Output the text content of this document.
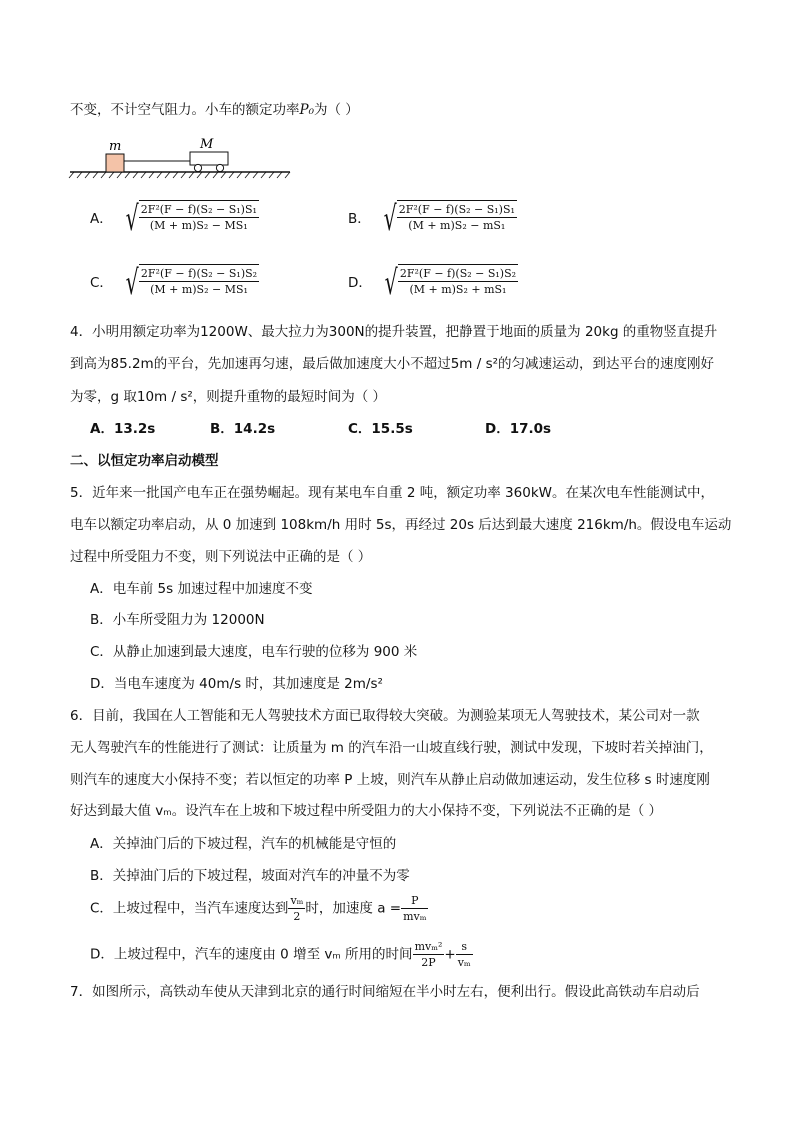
不变，不计空气阻力。小车的额定功率P₀为（ ）
m	M
A． √ $\frac{\text{2F²(F − f)(S₂ − S₁)S₁}}{\text{(M + m)S₂ − MS₁}}$	B． √ $\frac{\text{2F²(F − f)(S₂ − S₁)S₁}}{\text{(M + m)S₂ − mS₁}}$
C． √ $\frac{\text{2F²(F − f)(S₂ − S₁)S₂}}{\text{(M + m)S₂ − MS₁}}$	D． √ $\frac{\text{2F²(F − f)(S₂ − S₁)S₂}}{\text{(M + m)S₂ + mS₁}}$
4．小明用额定功率为1200W、最大拉力为300N的提升装置，把静置于地面的质量为 20kg 的重物竖直提升
到高为85.2m的平台，先加速再匀速，最后做加速度大小不超过5m / s²的匀减速运动，到达平台的速度刚好
为零，g 取10m / s²，则提升重物的最短时间为（ ）
A．13.2s	B．14.2s	C．15.5s	D．17.0s
二、以恒定功率启动模型
5．近年来一批国产电车正在强势崛起。现有某电车自重 2 吨，额定功率 360kW。在某次电车性能测试中，
电车以额定功率启动，从 0 加速到 108km/h 用时 5s，再经过 20s 后达到最大速度 216km/h。假设电车运动
过程中所受阻力不变，则下列说法中正确的是（ ）
A．电车前 5s 加速过程中加速度不变
B．小车所受阻力为 12000N
C．从静止加速到最大速度，电车行驶的位移为 900 米
D．当电车速度为 40m/s 时，其加速度是 2m/s²
6．目前，我国在人工智能和无人驾驶技术方面已取得较大突破。为测验某项无人驾驶技术，某公司对一款
无人驾驶汽车的性能进行了测试：让质量为 m 的汽车沿一山坡直线行驶，测试中发现，下坡时若关掉油门，
则汽车的速度大小保持不变；若以恒定的功率 P 上坡，则汽车从静止启动做加速运动，发生位移 s 时速度刚
好达到最大值 vₘ。设汽车在上坡和下坡过程中所受阻力的大小保持不变，下列说法不正确的是（ ）
A．关掉油门后的下坡过程，汽车的机械能是守恒的
B．关掉油门后的下坡过程，坡面对汽车的冲量不为零
C．上坡过程中，当汽车速度达到 $\frac{\text{vₘ}}{2}$ 时，加速度 $a = \frac{P}{\text{mvₘ}}$
D．上坡过程中，汽车的速度由 0 增至 vₘ 所用的时间 $\frac{\text{mvₘ²}}{2P} + \frac{s}{\text{vₘ}}$
7．如图所示，高铁动车使从天津到北京的通行时间缩短在半小时左右，便利出行。假设此高铁动车启动后
